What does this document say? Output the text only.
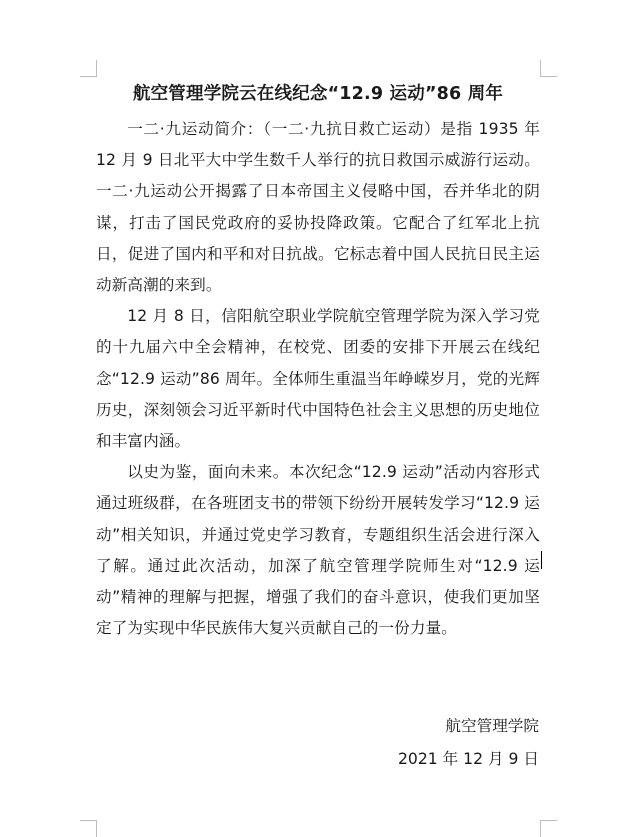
航空管理学院云在线纪念“12.9 运动”86 周年

一二·九运动简介：（一二·九抗日救亡运动）是指 1935 年 12 月 9 日北平大中学生数千人举行的抗日救国示威游行运动。一二·九运动公开揭露了日本帝国主义侵略中国，吞并华北的阴谋，打击了国民党政府的妥协投降政策。它配合了红军北上抗日，促进了国内和平和对日抗战。它标志着中国人民抗日民主运动新高潮的来到。

12 月 8 日，信阳航空职业学院航空管理学院为深入学习党的十九届六中全会精神，在校党、团委的安排下开展云在线纪念“12.9 运动”86 周年。全体师生重温当年峥嵘岁月，党的光辉历史，深刻领会习近平新时代中国特色社会主义思想的历史地位和丰富内涵。

以史为鉴，面向未来。本次纪念“12.9 运动”活动内容形式通过班级群，在各班团支书的带领下纷纷开展转发学习“12.9 运动”相关知识，并通过党史学习教育，专题组织生活会进行深入了解。通过此次活动，加深了航空管理学院师生对“12.9 运动”精神的理解与把握，增强了我们的奋斗意识，使我们更加坚定了为实现中华民族伟大复兴贡献自己的一份力量。

航空管理学院
2021 年 12 月 9 日
